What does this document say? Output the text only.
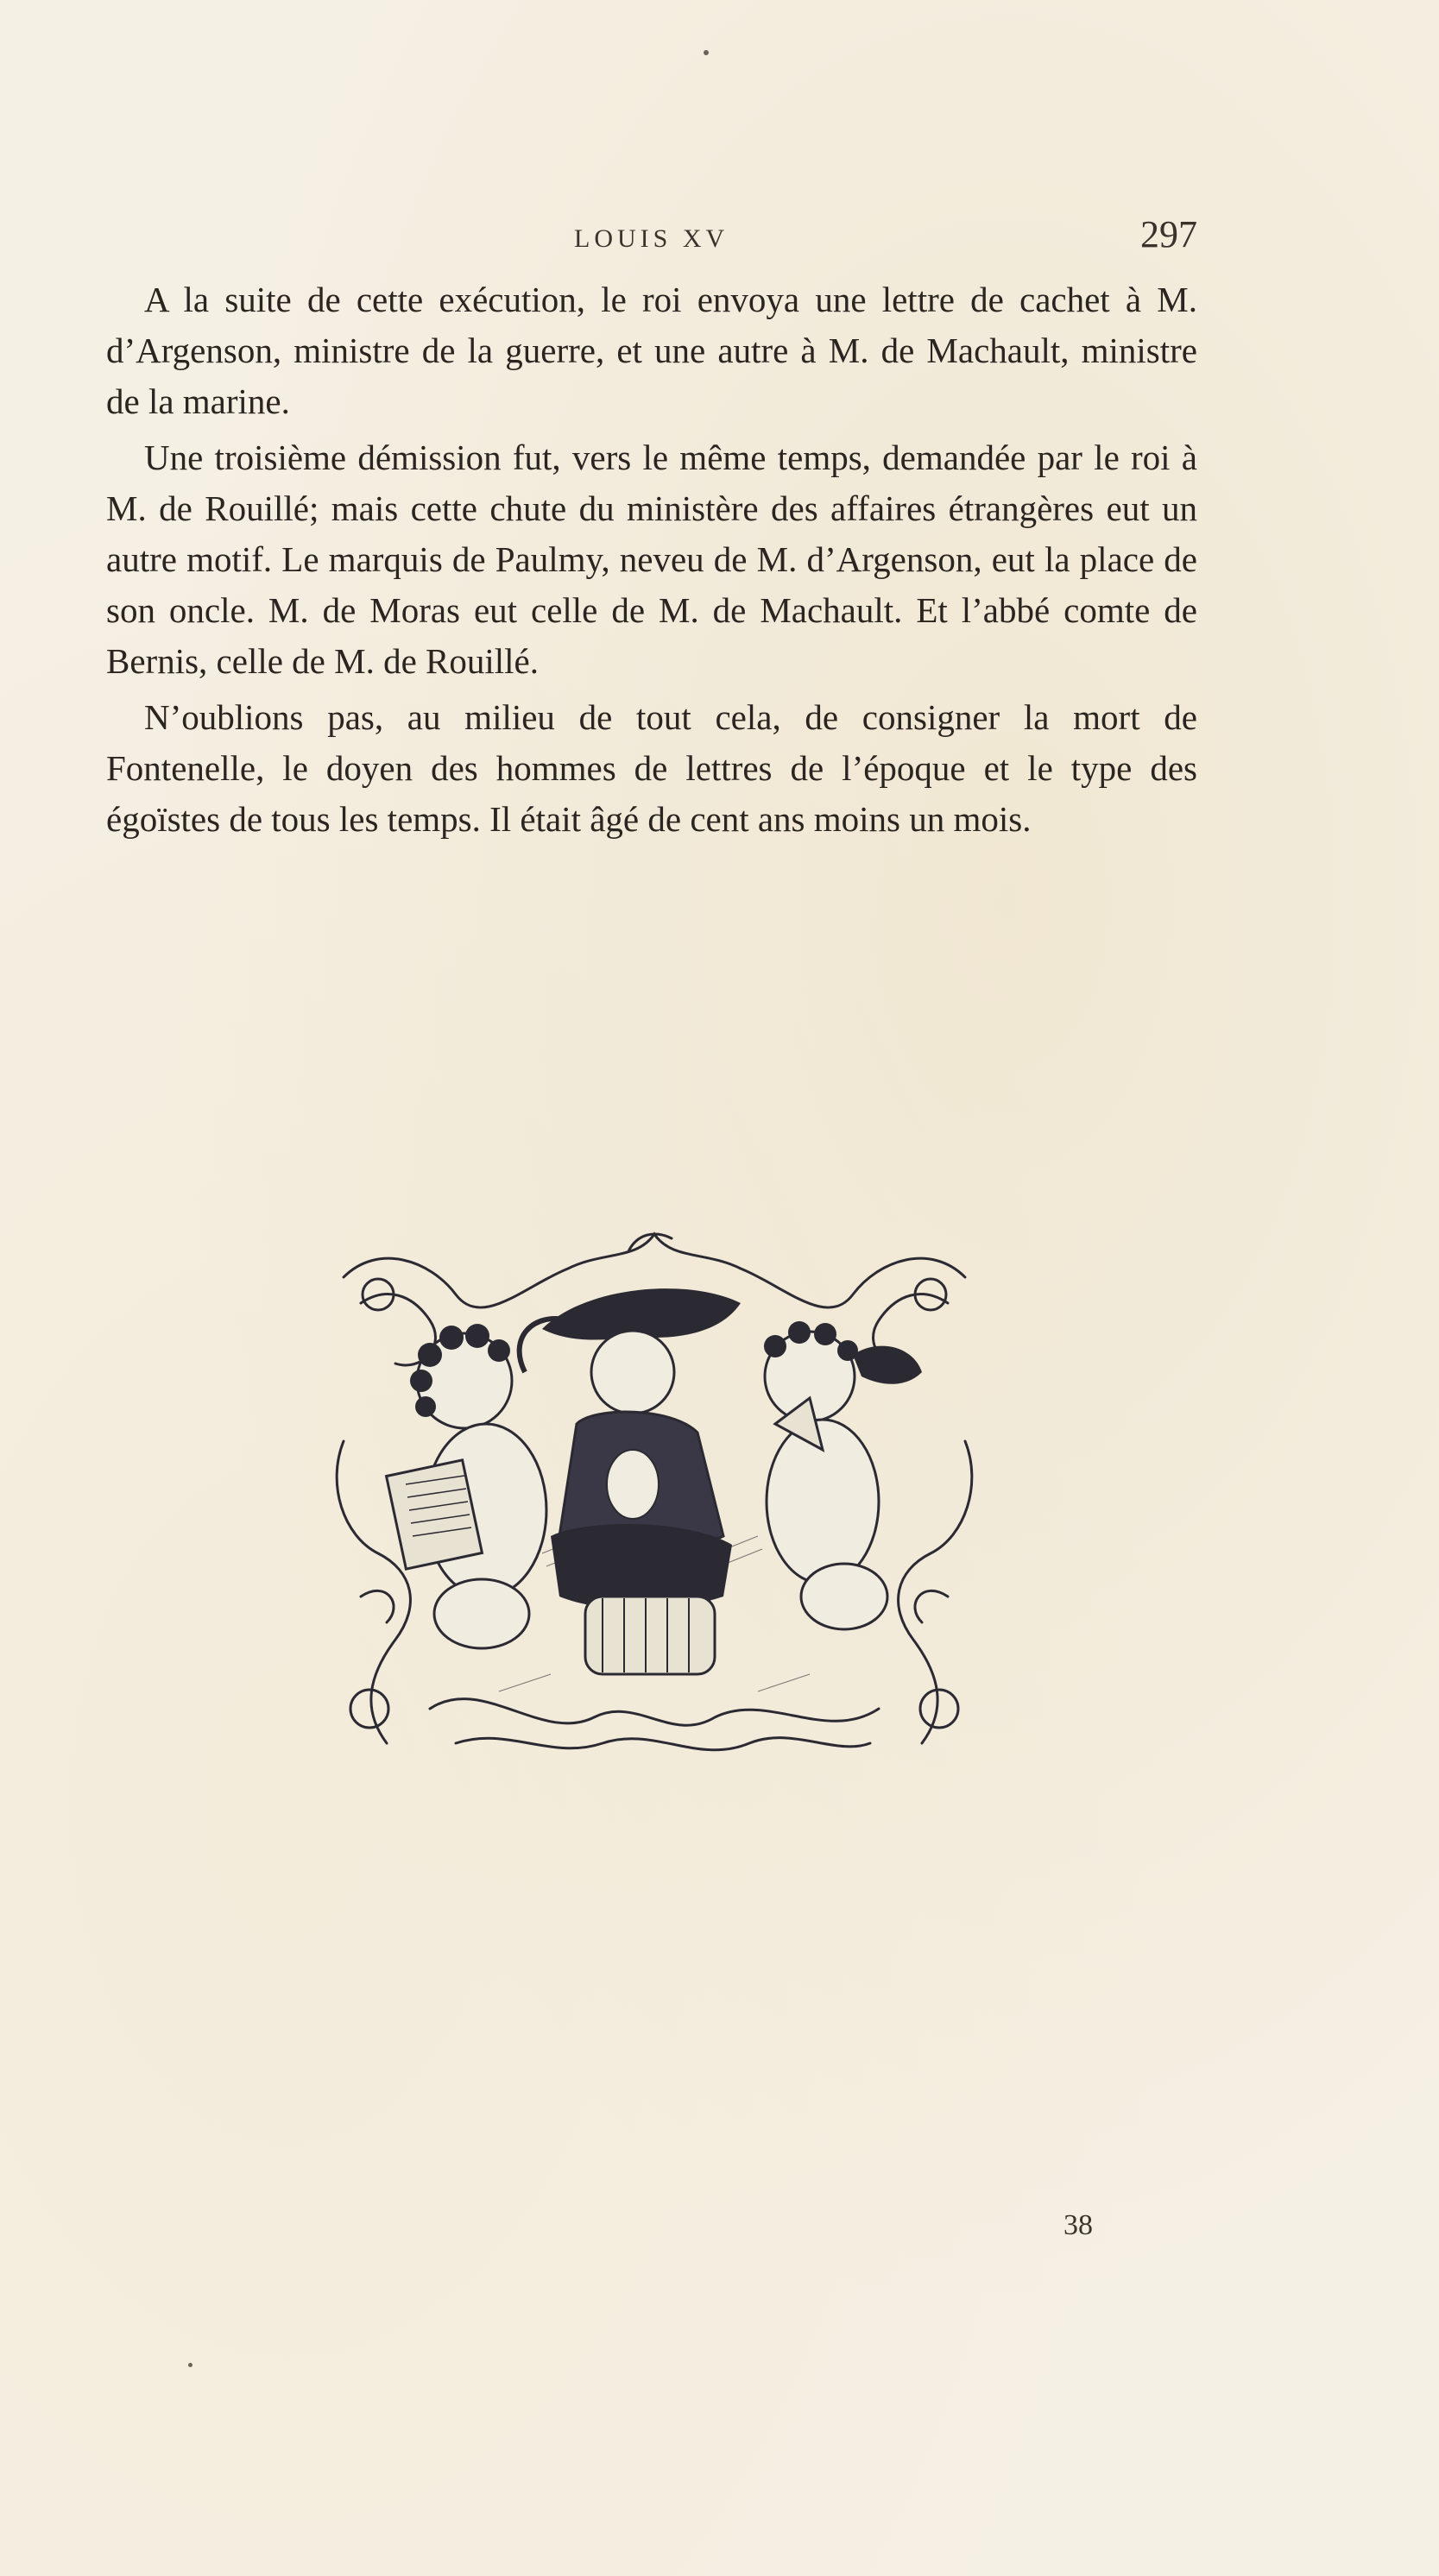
LOUIS XV	297

A la suite de cette exécution, le roi envoya une lettre de cachet à M. d’Argenson, ministre de la guerre, et une autre à M. de Machault, ministre de la marine.

Une troisième démission fut, vers le même temps, demandée par le roi à M. de Rouillé; mais cette chute du ministère des affaires étrangères eut un autre motif. Le marquis de Paulmy, neveu de M. d’Argenson, eut la place de son oncle. M. de Moras eut celle de M. de Machault. Et l’abbé comte de Bernis, celle de M. de Rouillé.

N’oublions pas, au milieu de tout cela, de consigner la mort de Fontenelle, le doyen des hommes de lettres de l’époque et le type des égoïstes de tous les temps. Il était âgé de cent ans moins un mois.

38
